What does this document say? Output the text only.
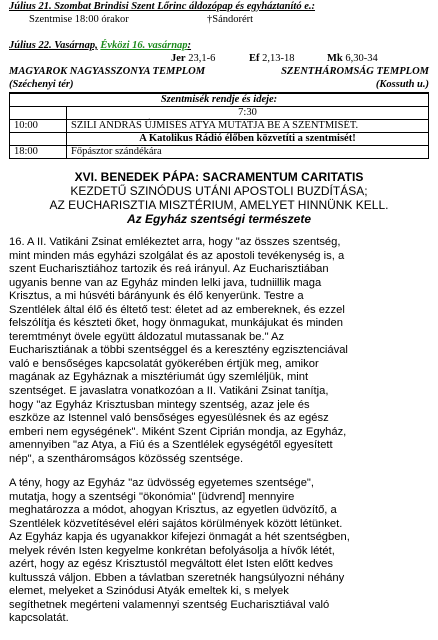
Július 21. Szombat Brindisi Szent Lőrinc áldozópap és egyháztanító e.:
Szentmise 18:00 órakor	†Sándorért
Július 22. Vasárnap, Évközi 16. vasárnap:
Jer 23,1-6	Ef 2,13-18	Mk 6,30-34
MAGYAROK NAGYASSZONYA TEMPLOM	SZENTHÁROMSÁG TEMPLOM
(Széchenyi tér)	(Kossuth u.)
Szentmisék rendje és ideje:	
	7:30
10:00	SZILI ANDRÁS ÚJMISÉS ATYA MUTATJA BE A SZENTMISÉT.
	A Katolikus Rádió élőben közvetíti a szentmisét!
18:00	Főpásztor szándékára
XVI. BENEDEK PÁPA: SACRAMENTUM CARITATIS
KEZDETŰ SZINÓDUS UTÁNI APOSTOLI BUZDÍTÁSA;
AZ EUCHARISZTIA MISZTÉRIUM, AMELYET HINNÜNK KELL.
Az Egyház szentségi természete
16. A II. Vatikáni Zsinat emlékeztet arra, hogy "az összes szentség,
mint minden más egyházi szolgálat és az apostoli tevékenység is, a
szent Eucharisztiához tartozik és reá irányul. Az Eucharisztiában
ugyanis benne van az Egyház minden lelki java, tudniillik maga
Krisztus, a mi húsvéti bárányunk és élő kenyerünk. Testre a
Szentlélek által élő és éltető test: életet ad az embereknek, és ezzel
felszólítja és készteti őket, hogy önmagukat, munkájukat és minden
teremtményt övele együtt áldozatul mutassanak be." Az
Eucharisztiának a többi szentséggel és a keresztény egzisztenciával
való e bensőséges kapcsolatát gyökerében értjük meg, amikor
magának az Egyháznak a misztériumát úgy szemléljük, mint
szentséget. E javaslatra vonatkozóan a II. Vatikáni Zsinat tanítja,
hogy "az Egyház Krisztusban mintegy szentség, azaz jele és
eszköze az Istennel való bensőséges egyesülésnek és az egész
emberi nem egységének". Miként Szent Ciprián mondja, az Egyház,
amennyiben "az Atya, a Fiú és a Szentlélek egységétől egyesített
nép", a szentháromságos közösség szentsége.
A tény, hogy az Egyház "az üdvösség egyetemes szentsége",
mutatja, hogy a szentségi "ökonómia" [üdvrend] mennyire
meghatározza a módot, ahogyan Krisztus, az egyetlen üdvözítő, a
Szentlélek közvetítésével eléri sajátos körülmények között létünket.
Az Egyház kapja és ugyanakkor kifejezi önmagát a hét szentségben,
melyek révén Isten kegyelme konkrétan befolyásolja a hívők létét,
azért, hogy az egész Krisztustól megváltott élet Isten előtt kedves
kultusszá váljon. Ebben a távlatban szeretnék hangsúlyozni néhány
elemet, melyeket a Szinódusi Atyák emeltek ki, s melyek
segíthetnek megérteni valamennyi szentség Eucharisztiával való
kapcsolatát.
